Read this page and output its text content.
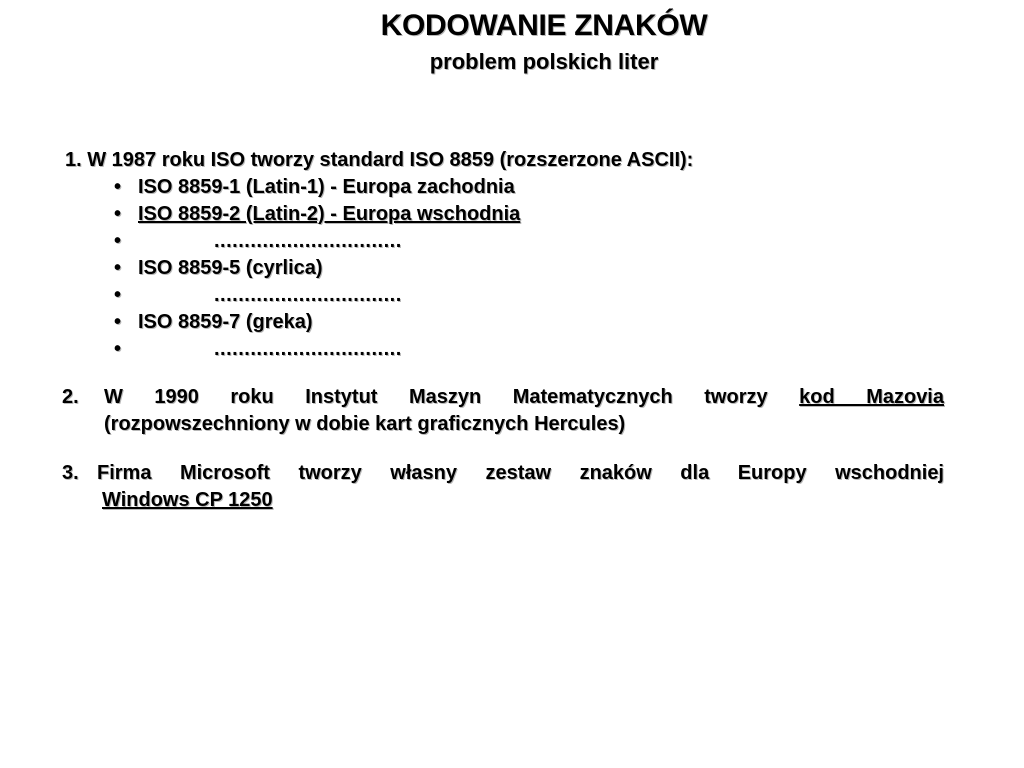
KODOWANIE ZNAKÓW
problem polskich liter
1. W 1987 roku ISO tworzy standard ISO 8859 (rozszerzone ASCII):
• ISO 8859-1 (Latin-1) - Europa zachodnia
• ISO 8859-2 (Latin-2) - Europa wschodnia
•	...............................
• ISO 8859-5 (cyrlica)
•	...............................
• ISO 8859-7 (greka)
•	...............................
2.	W 1990 roku Instytut Maszyn Matematycznych tworzy kod Mazovia
(rozpowszechniony w dobie kart graficznych Hercules)
3. Firma Microsoft tworzy własny zestaw znaków dla Europy wschodniej
Windows CP 1250
